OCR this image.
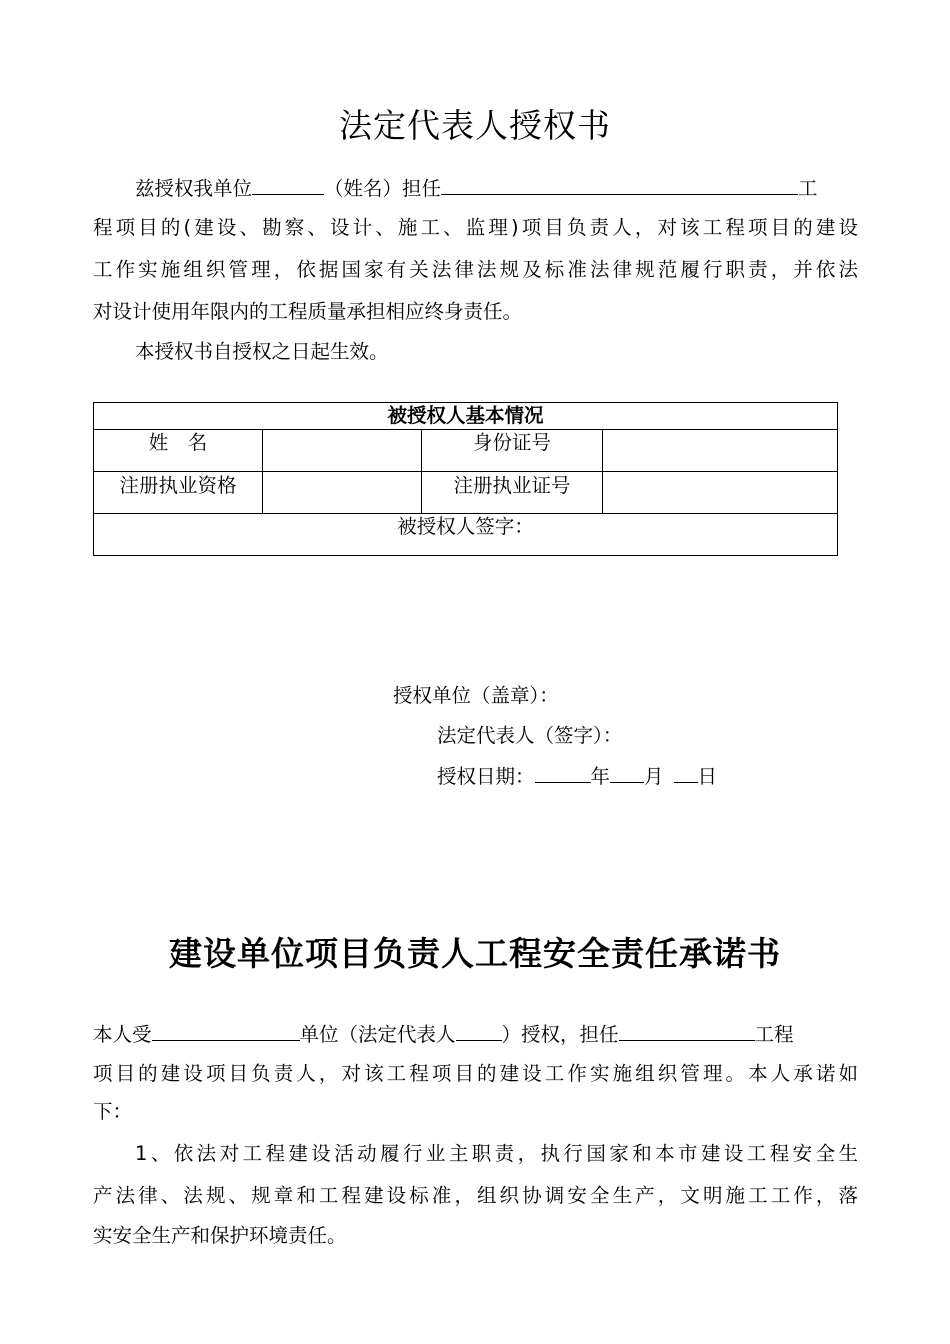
法定代表人授权书

兹授权我单位	（姓名）担任	工

程项目的(建设、勘察、设计、施工、监理)项目负责人，对该工程项目的建设

工作实施组织管理，依据国家有关法律法规及标准法律规范履行职责，并依法

对设计使用年限内的工程质量承担相应终身责任。

本授权书自授权之日起生效。

被授权人基本情况			
姓　名		身份证号	
注册执业资格		注册执业证号	
被授权人签字：			

授权单位（盖章）：

法定代表人（签字）：

授权日期：	年 月 日

建设单位项目负责人工程安全责任承诺书

本人受	单位（法定代表人 ）授权，担任	工程

项目的建设项目负责人，对该工程项目的建设工作实施组织管理。本人承诺如

下：

1、依法对工程建设活动履行业主职责，执行国家和本市建设工程安全生

产法律、法规、规章和工程建设标准，组织协调安全生产，文明施工工作，落

实安全生产和保护环境责任。
